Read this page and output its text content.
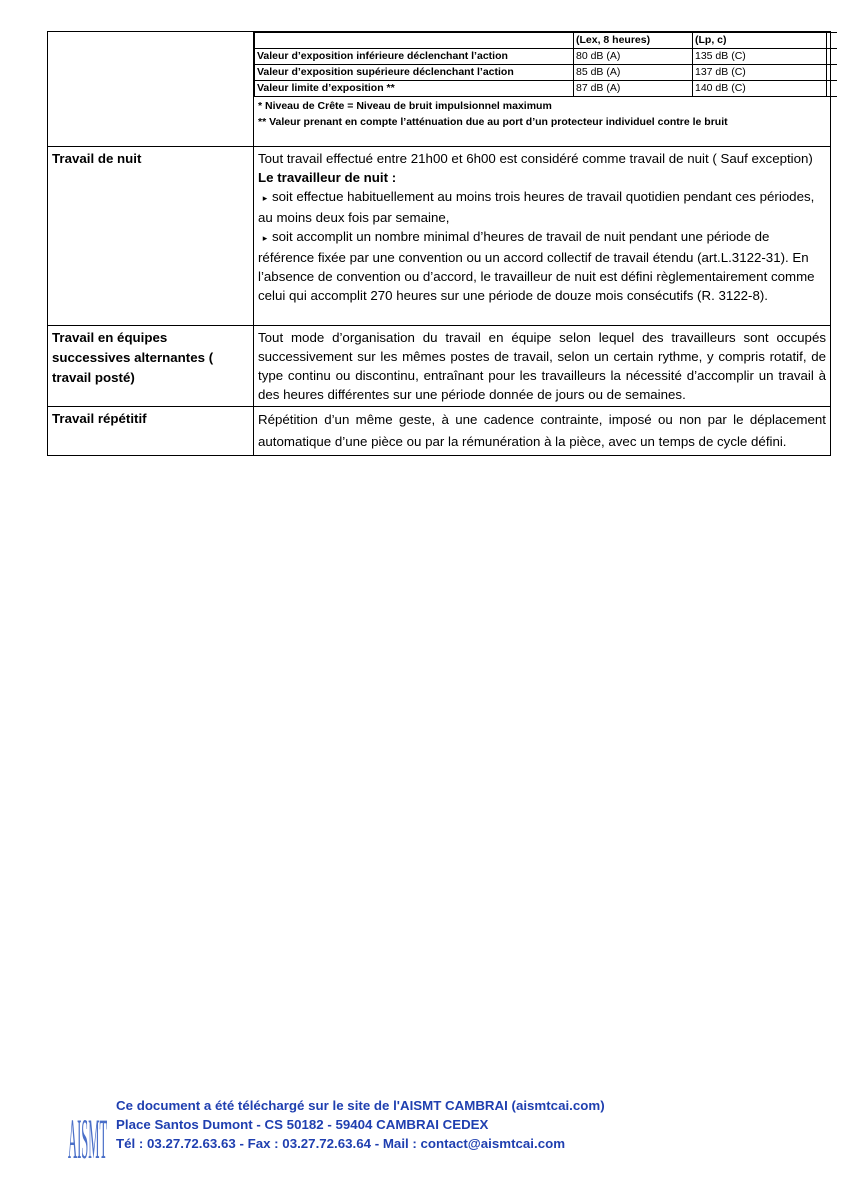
	(Lex, 8 heures)	(Lp, c)	
Valeur d’exposition inférieure déclenchant l’action	80 dB (A)	135 dB (C)	
Valeur d’exposition supérieure déclenchant l’action	85 dB (A)	137 dB (C)	
Valeur limite d’exposition **	87 dB (A)	140 dB (C)	
* Niveau de Crête = Niveau de bruit impulsionnel maximum
** Valeur prenant en compte l’atténuation due au port d’un protecteur individuel contre le bruit

Travail de nuit	Tout travail effectué entre 21h00 et 6h00 est considéré comme travail de nuit ( Sauf exception)
Le travailleur de nuit :

▸ soit effectue habituellement au moins trois heures de travail quotidien pendant ces périodes, au moins deux fois par semaine,

▸ soit accomplit un nombre minimal d’heures de travail de nuit pendant une période de référence fixée par une convention ou un accord collectif de travail étendu (art.L.3122-31). En l’absence de convention ou d’accord, le travailleur de nuit est défini règlementairement comme celui qui accomplit 270 heures sur une période de douze mois consécutifs (R. 3122-8).

Travail en équipes successives alternantes ( travail posté)	Tout mode d’organisation du travail en équipe selon lequel des travailleurs sont occupés successivement sur les mêmes postes de travail, selon un certain rythme, y compris rotatif, de type continu ou discontinu, entraînant pour les travailleurs la nécessité d’accomplir un travail à des heures différentes sur une période donnée de jours ou de semaines.
Travail répétitif	Répétition d’un même geste, à une cadence contrainte, imposé ou non par le déplacement automatique d’une pièce ou par la rémunération à la pièce, avec un temps de cycle défini.
AISMT
Ce document a été téléchargé sur le site de l'AISMT CAMBRAI (aismtcai.com)
Place Santos Dumont - CS 50182 - 59404 CAMBRAI CEDEX
Tél : 03.27.72.63.63 - Fax : 03.27.72.63.64 - Mail : contact@aismtcai.com
